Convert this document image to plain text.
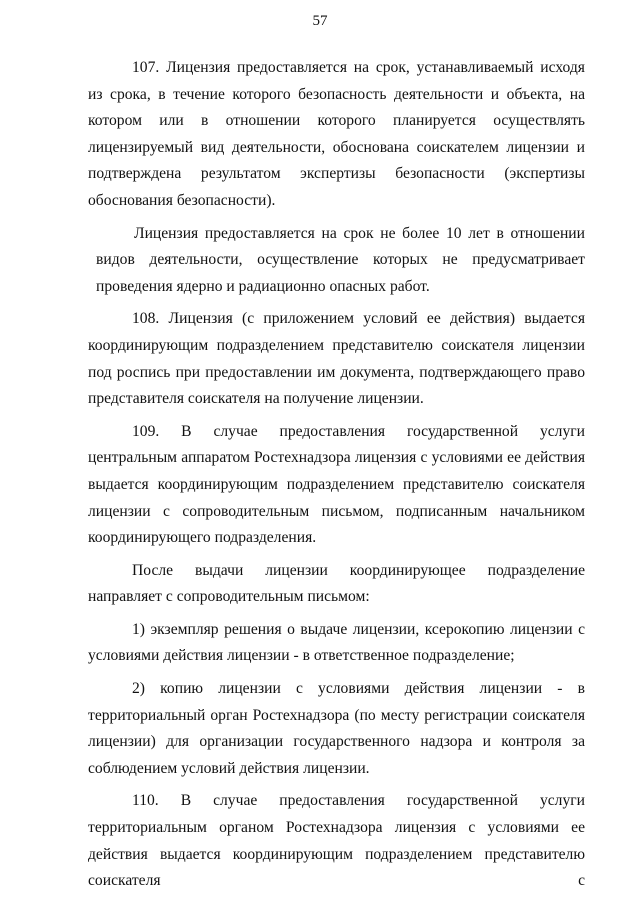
57

107. Лицензия предоставляется на срок, устанавливаемый исходя из срока, в течение которого безопасность деятельности и объекта, на котором или в отношении которого планируется осуществлять лицензируемый вид деятельности, обоснована соискателем лицензии и подтверждена результатом экспертизы безопасности (экспертизы обоснования безопасности).

Лицензия предоставляется на срок не более 10 лет в отношении видов деятельности, осуществление которых не предусматривает проведения ядерно и радиационно опасных работ.

108. Лицензия (с приложением условий ее действия) выдается координирующим подразделением представителю соискателя лицензии под роспись при предоставлении им документа, подтверждающего право представителя соискателя на получение лицензии.

109. В случае предоставления государственной услуги центральным аппаратом Ростехнадзора лицензия с условиями ее действия выдается координирующим подразделением представителю соискателя лицензии с сопроводительным письмом, подписанным начальником координирующего подразделения.

После выдачи лицензии координирующее подразделение направляет с сопроводительным письмом:

1) экземпляр решения о выдаче лицензии, ксерокопию лицензии с условиями действия лицензии - в ответственное подразделение;

2) копию лицензии с условиями действия лицензии - в территориальный орган Ростехнадзора (по месту регистрации соискателя лицензии) для организации государственного надзора и контроля за соблюдением условий действия лицензии.

110. В случае предоставления государственной услуги территориальным органом Ростехнадзора лицензия с условиями ее действия выдается координирующим подразделением представителю соискателя с
